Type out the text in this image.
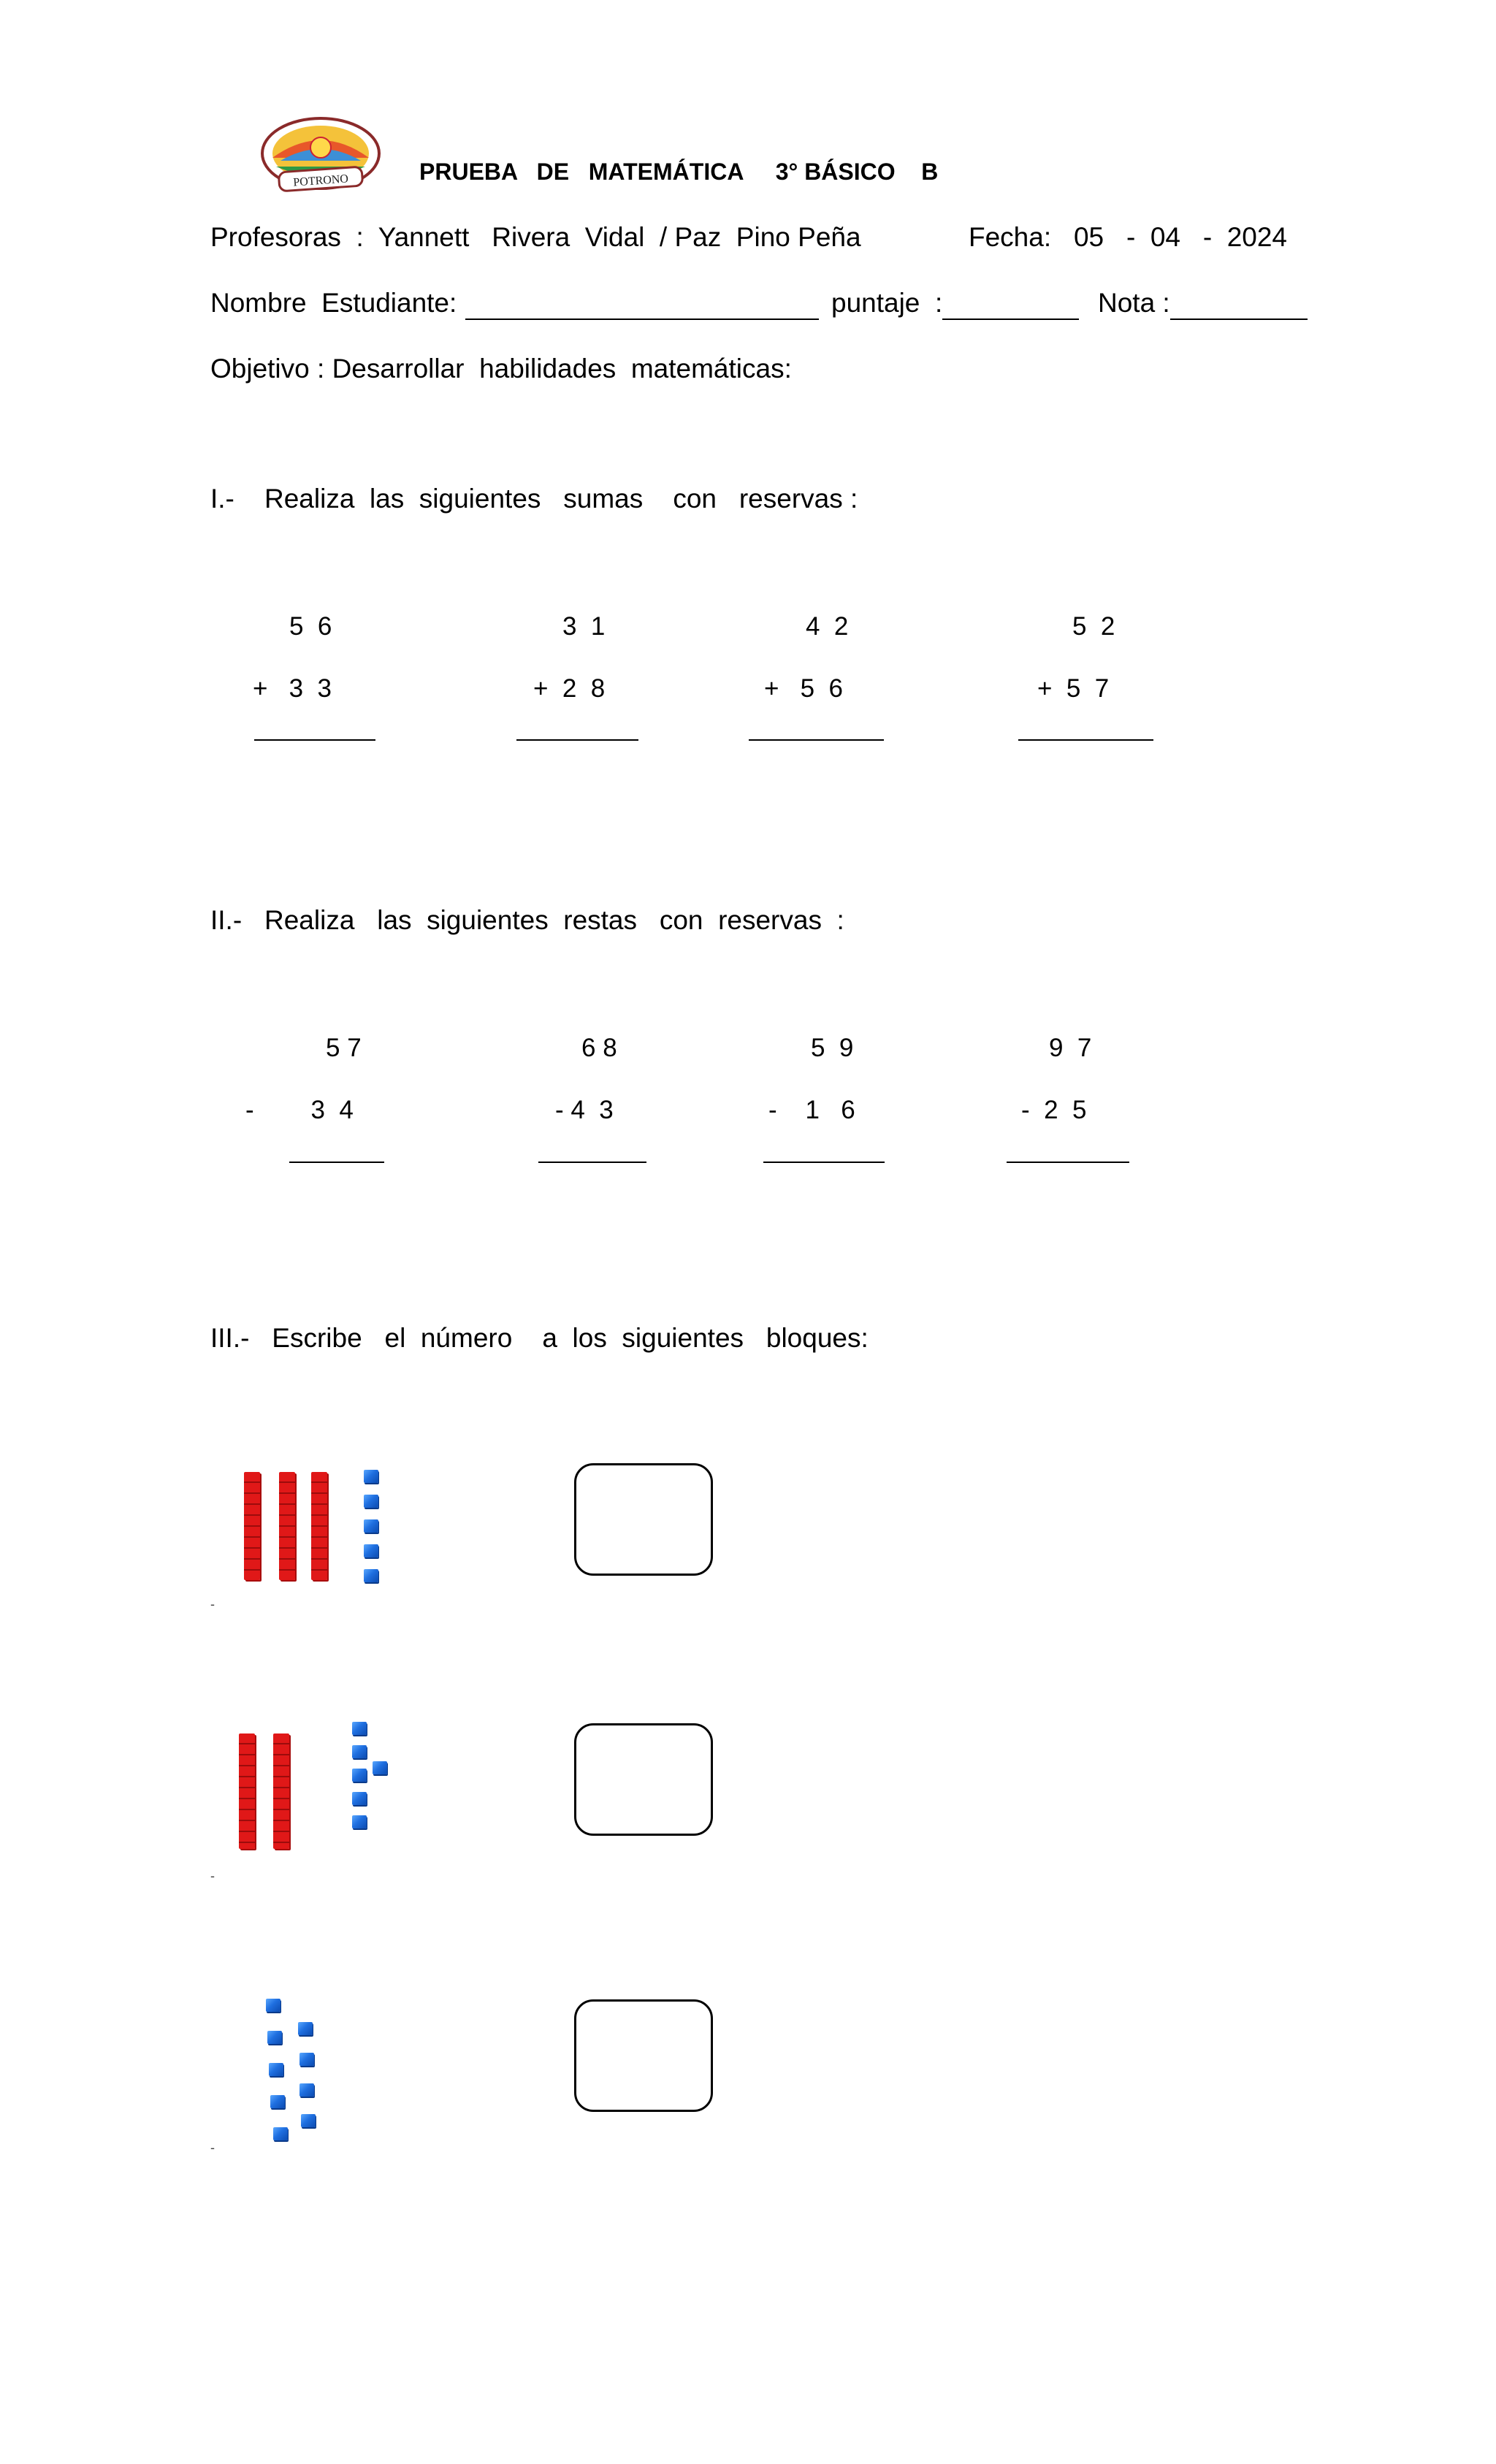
POTRONO	PRUEBA   DE   MATEMÁTICA     3° BÁSICO    B
Profesoras  :  Yannett   Rivera  Vidal  / Paz  Pino Peña	Fecha:   05   -  04   -  2024
Nombre  Estudiante:	puntaje  :	Nota :
Objetivo : Desarrollar  habilidades  matemáticas:
I.-    Realiza  las  siguientes   sumas    con   reservas :
5  6
+   3  3
3  1
+  2  8
4  2
+   5  6
5  2
+  5  7
II.-   Realiza   las  siguientes  restas   con  reservas  :
5 7
-        3  4
6 8
- 4  3
5  9
-    1   6
9  7
-  2  5
III.-   Escribe   el  número    a  los  siguientes   bloques:
-
-
-
